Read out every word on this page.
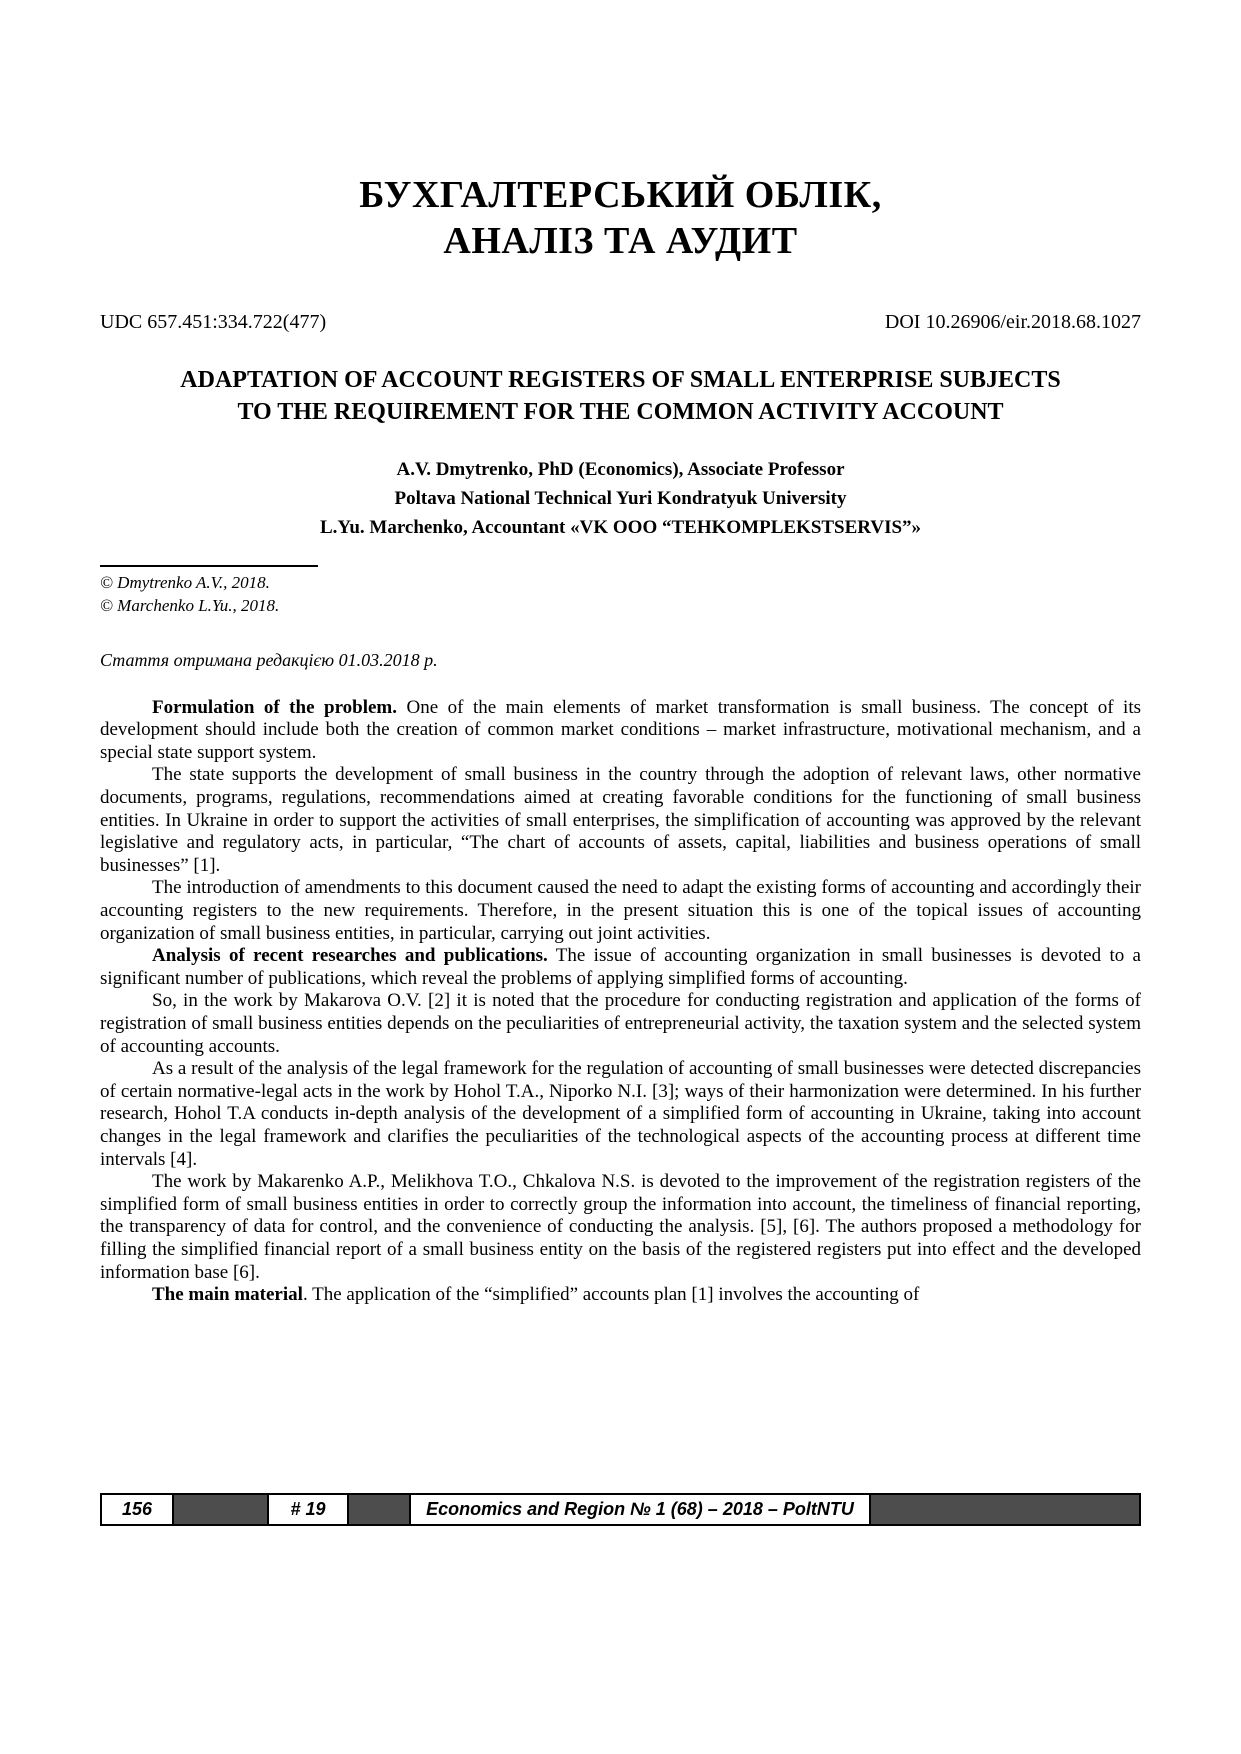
БУХГАЛТЕРСЬКИЙ ОБЛІК,
АНАЛІЗ ТА АУДИТ
UDC 657.451:334.722(477)	DOI 10.26906/eir.2018.68.1027
ADAPTATION OF ACCOUNT REGISTERS OF SMALL ENTERPRISE SUBJECTS TO THE REQUIREMENT FOR THE COMMON ACTIVITY ACCOUNT
A.V. Dmytrenko, PhD (Economics), Associate Professor
Poltava National Technical Yuri Kondratyuk University
L.Yu. Marchenko, Accountant «VK OOO “TEHKOMPLEKSTSERVIS”»
© Dmytrenko A.V., 2018.
© Marchenko L.Yu., 2018.
Стаття отримана редакцією 01.03.2018 р.

Formulation of the problem. One of the main elements of market transformation is small business. The concept of its development should include both the creation of common market conditions – market infrastructure, motivational mechanism, and a special state support system.

The state supports the development of small business in the country through the adoption of relevant laws, other normative documents, programs, regulations, recommendations aimed at creating favorable conditions for the functioning of small business entities. In Ukraine in order to support the activities of small enterprises, the simplification of accounting was approved by the relevant legislative and regulatory acts, in particular, “The chart of accounts of assets, capital, liabilities and business operations of small businesses” [1].

The introduction of amendments to this document caused the need to adapt the existing forms of accounting and accordingly their accounting registers to the new requirements. Therefore, in the present situation this is one of the topical issues of accounting organization of small business entities, in particular, carrying out joint activities.

Analysis of recent researches and publications. The issue of accounting organization in small businesses is devoted to a significant number of publications, which reveal the problems of applying simplified forms of accounting.

So, in the work by Makarova O.V. [2] it is noted that the procedure for conducting registration and application of the forms of registration of small business entities depends on the peculiarities of entrepreneurial activity, the taxation system and the selected system of accounting accounts.

As a result of the analysis of the legal framework for the regulation of accounting of small businesses were detected discrepancies of certain normative-legal acts in the work by Hohol T.A., Niporko N.I. [3]; ways of their harmonization were determined. In his further research, Hohol T.A conducts in-depth analysis of the development of a simplified form of accounting in Ukraine, taking into account changes in the legal framework and clarifies the peculiarities of the technological aspects of the accounting process at different time intervals [4].

The work by Makarenko A.P., Melikhova T.O., Chkalova N.S. is devoted to the improvement of the registration registers of the simplified form of small business entities in order to correctly group the information into account, the timeliness of financial reporting, the transparency of data for control, and the convenience of conducting the analysis. [5], [6]. The authors proposed a methodology for filling the simplified financial report of a small business entity on the basis of the registered registers put into effect and the developed information base [6].

The main material. The application of the “simplified” accounts plan [1] involves the accounting of

156	# 19	Economics and Region № 1 (68) – 2018 – PoltNTU
